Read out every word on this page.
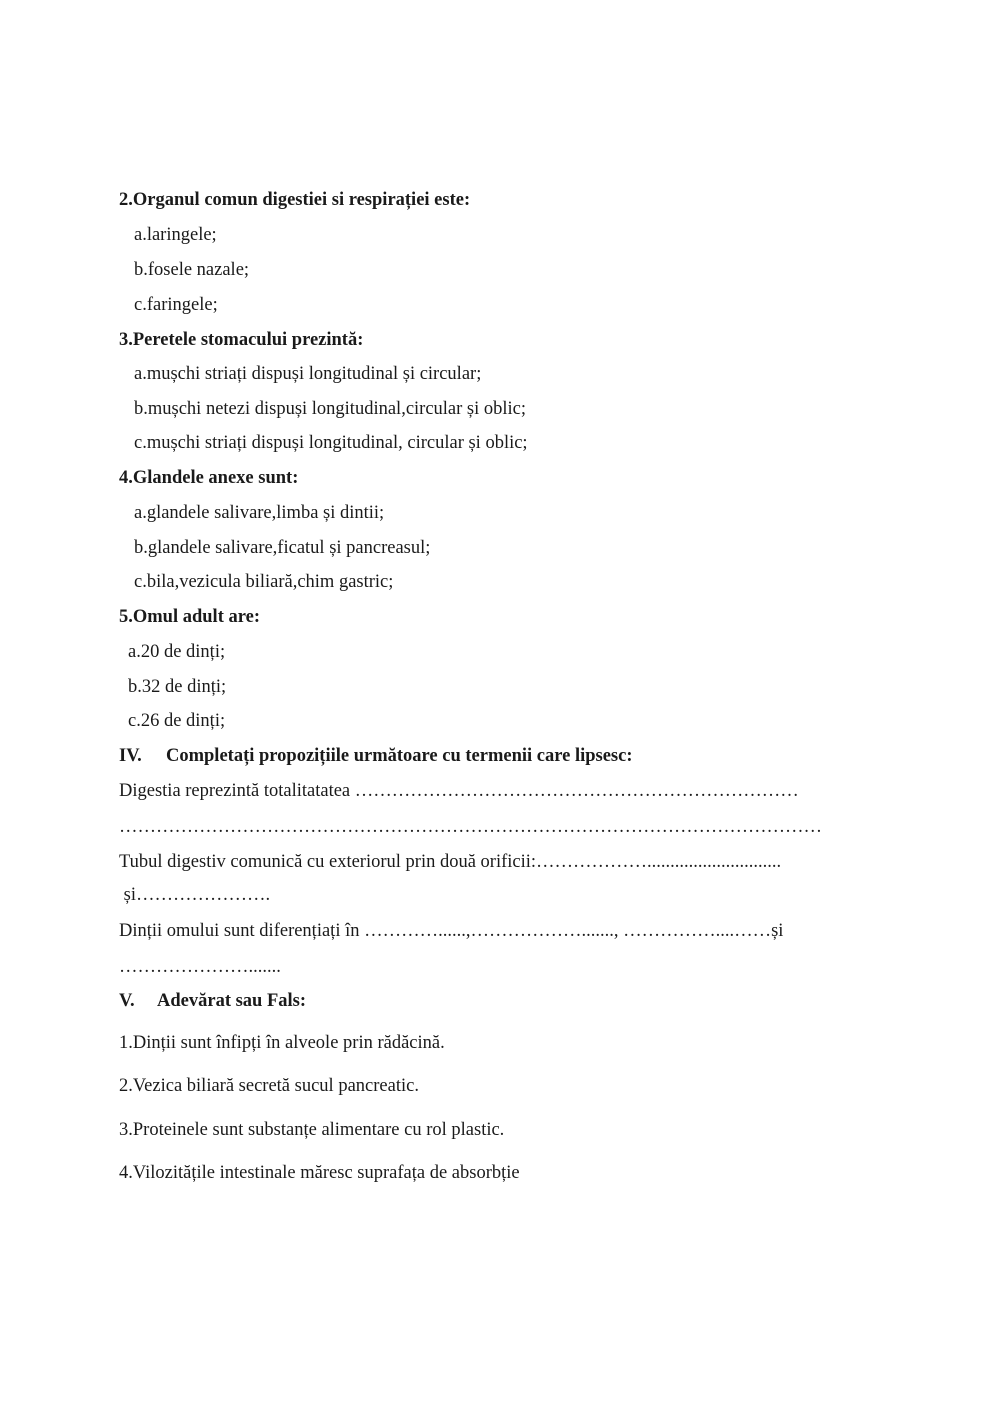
2.Organul comun digestiei si respirației este:
a.laringele;
b.fosele nazale;
c.faringele;
3.Peretele stomacului prezintă:
a.mușchi striați dispuși longitudinal și circular;
b.mușchi netezi dispuși longitudinal,circular și oblic;
c.mușchi striați dispuși longitudinal, circular și oblic;
4.Glandele anexe sunt:
a.glandele salivare,limba și dintii;
b.glandele salivare,ficatul și pancreasul;
c.bila,vezicula biliară,chim gastric;
5.Omul adult are:
a.20 de dinți;
b.32 de dinți;
c.26 de dinți;
IV. Completați propozițiile următoare cu termenii care lipsesc:
Digestia reprezintă totalitatatea ………………………………………………………………
……………………………………………………………………………………………………
Tubul digestiv comunică cu exteriorul prin două orificii:……………….............................
și………………….
Dinții omului sunt diferențiați în …………......,………………......., ……………....……și
………………….......
V. Adevărat sau Fals:
1.Dinții sunt înfipți în alveole prin rădăcină.
2.Vezica biliară secretă sucul pancreatic.
3.Proteinele sunt substanțe alimentare cu rol plastic.
4.Vilozitățile intestinale măresc suprafața de absorbție
